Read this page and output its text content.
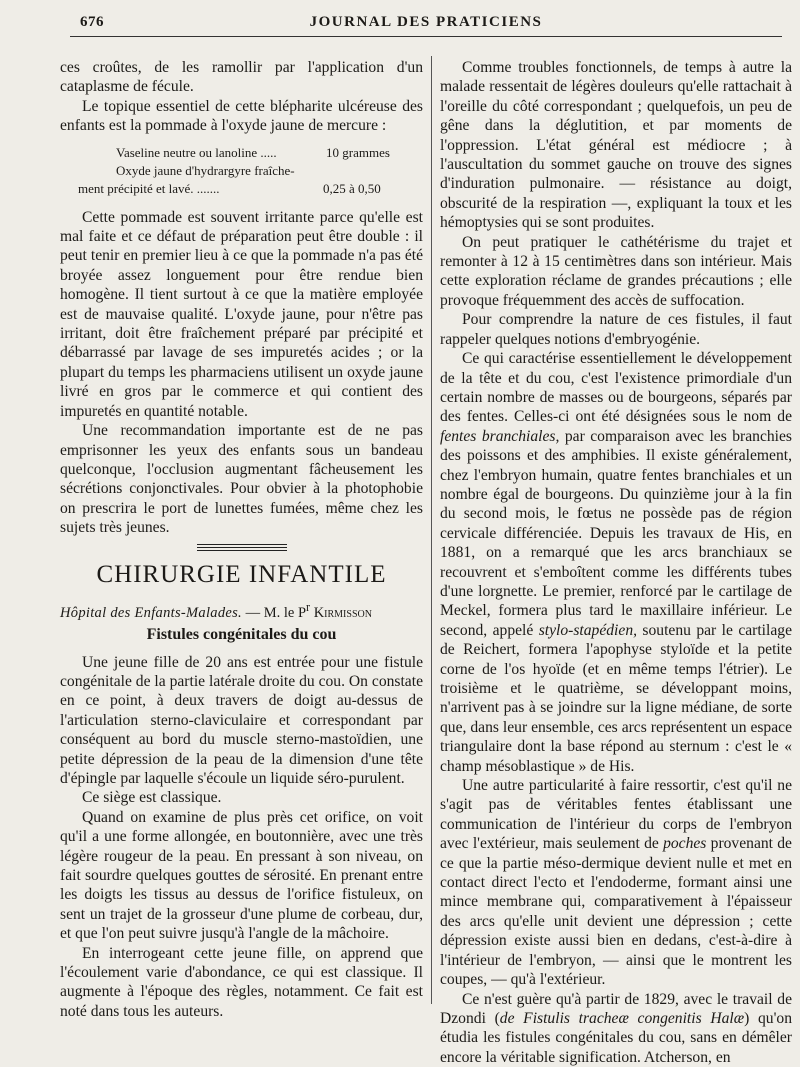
676	JOURNAL DES PRATICIENS

ces croûtes, de les ramollir par l'application d'un cataplasme de fécule.

Le topique essentiel de cette blépharite ulcéreuse des enfants est la pommade à l'oxyde jaune de mercure :

Vaseline neutre ou lanoline .....	10 grammes
Oxyde jaune d'hydrargyre fraîche-
ment précipité et lavé. .......	0,25 à 0,50

Cette pommade est souvent irritante parce qu'elle est mal faite et ce défaut de préparation peut être double : il peut tenir en premier lieu à ce que la pommade n'a pas été broyée assez longuement pour être rendue bien homogène. Il tient surtout à ce que la matière employée est de mauvaise qualité. L'oxyde jaune, pour n'être pas irritant, doit être fraîchement préparé par précipité et débarrassé par lavage de ses impuretés acides ; or la plupart du temps les pharmaciens utilisent un oxyde jaune livré en gros par le commerce et qui contient des impuretés en quantité notable.

Une recommandation importante est de ne pas emprisonner les yeux des enfants sous un bandeau quelconque, l'occlusion augmentant fâcheusement les sécrétions conjonctivales. Pour obvier à la photophobie on prescrira le port de lunettes fumées, même chez les sujets très jeunes.

CHIRURGIE INFANTILE

Hôpital des Enfants-Malades. — M. le $P^r$ Kirmisson

Fistules congénitales du cou

Une jeune fille de 20 ans est entrée pour une fistule congénitale de la partie latérale droite du cou. On constate en ce point, à deux travers de doigt au-dessus de l'articulation sterno-claviculaire et correspondant par conséquent au bord du muscle sterno-mastoïdien, une petite dépression de la peau de la dimension d'une tête d'épingle par laquelle s'écoule un liquide séro-purulent.

Ce siège est classique.

Quand on examine de plus près cet orifice, on voit qu'il a une forme allongée, en boutonnière, avec une très légère rougeur de la peau. En pressant à son niveau, on fait sourdre quelques gouttes de sérosité. En prenant entre les doigts les tissus au dessus de l'orifice fistuleux, on sent un trajet de la grosseur d'une plume de corbeau, dur, et que l'on peut suivre jusqu'à l'angle de la mâchoire.

En interrogeant cette jeune fille, on apprend que l'écoulement varie d'abondance, ce qui est classique. Il augmente à l'époque des règles, notamment. Ce fait est noté dans tous les auteurs.

Comme troubles fonctionnels, de temps à autre la malade ressentait de légères douleurs qu'elle rattachait à l'oreille du côté correspondant ; quelquefois, un peu de gêne dans la déglutition, et par moments de l'oppression. L'état général est médiocre ; à l'auscultation du sommet gauche on trouve des signes d'induration pulmonaire. — résistance au doigt, obscurité de la respiration —, expliquant la toux et les hémoptysies qui se sont produites.

On peut pratiquer le cathétérisme du trajet et remonter à 12 à 15 centimètres dans son intérieur. Mais cette exploration réclame de grandes précautions ; elle provoque fréquemment des accès de suffocation.

Pour comprendre la nature de ces fistules, il faut rappeler quelques notions d'embryogénie.

Ce qui caractérise essentiellement le développement de la tête et du cou, c'est l'existence primordiale d'un certain nombre de masses ou de bourgeons, séparés par des fentes. Celles-ci ont été désignées sous le nom de fentes branchiales, par comparaison avec les branchies des poissons et des amphibies. Il existe généralement, chez l'embryon humain, quatre fentes branchiales et un nombre égal de bourgeons. Du quinzième jour à la fin du second mois, le fœtus ne possède pas de région cervicale différenciée. Depuis les travaux de His, en 1881, on a remarqué que les arcs branchiaux se recouvrent et s'emboîtent comme les différents tubes d'une lorgnette. Le premier, renforcé par le cartilage de Meckel, formera plus tard le maxillaire inférieur. Le second, appelé stylo-stapédien, soutenu par le cartilage de Reichert, formera l'apophyse styloïde et la petite corne de l'os hyoïde (et en même temps l'étrier). Le troisième et le quatrième, se développant moins, n'arrivent pas à se joindre sur la ligne médiane, de sorte que, dans leur ensemble, ces arcs représentent un espace triangulaire dont la base répond au sternum : c'est le « champ mésoblastique » de His.

Une autre particularité à faire ressortir, c'est qu'il ne s'agit pas de véritables fentes établissant une communication de l'intérieur du corps de l'embryon avec l'extérieur, mais seulement de poches provenant de ce que la partie méso-dermique devient nulle et met en contact direct l'ecto et l'endoderme, formant ainsi une mince membrane qui, comparativement à l'épaisseur des arcs qu'elle unit devient une dépression ; cette dépression existe aussi bien en dedans, c'est-à-dire à l'intérieur de l'embryon, — ainsi que le montrent les coupes, — qu'à l'extérieur.

Ce n'est guère qu'à partir de 1829, avec le travail de Dzondi (de Fistulis tracheæ congenitis Halæ) qu'on étudia les fistules congénitales du cou, sans en démêler encore la véritable signification. Atcherson, en
